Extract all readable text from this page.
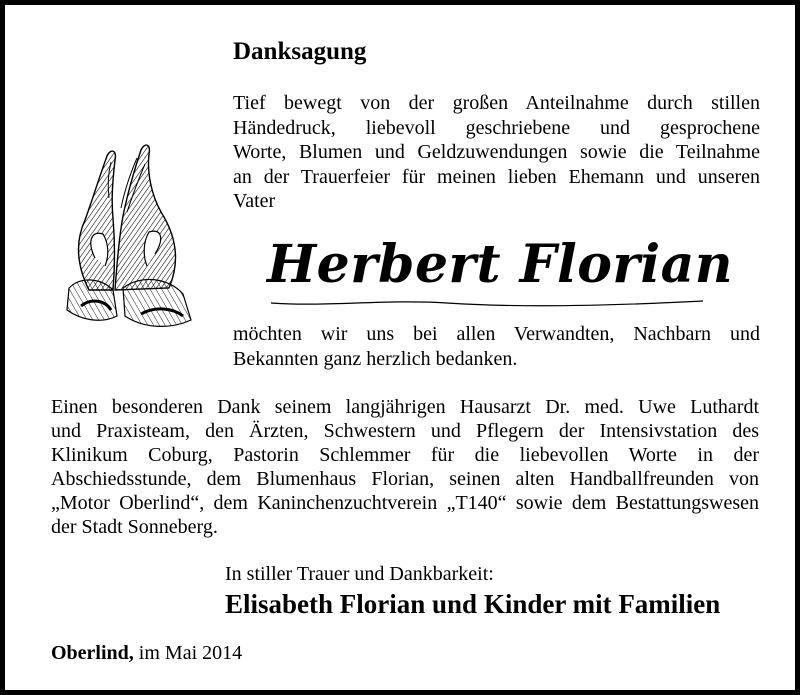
Danksagung
Tief bewegt von der großen Anteilnahme durch stillen
Händedruck, liebevoll geschriebene und gesprochene
Worte, Blumen und Geldzuwendungen sowie die Teilnahme
an der Trauerfeier für meinen lieben Ehemann und unseren
Vater
Herbert Florian
möchten wir uns bei allen Verwandten, Nachbarn und
Bekannten ganz herzlich bedanken.
Einen besonderen Dank seinem langjährigen Hausarzt Dr. med. Uwe Luthardt
und Praxisteam, den Ärzten, Schwestern und Pflegern der Intensivstation des
Klinikum Coburg, Pastorin Schlemmer für die liebevollen Worte in der
Abschiedsstunde, dem Blumenhaus Florian, seinen alten Handballfreunden von
„Motor Oberlind“, dem Kaninchenzuchtverein „T140“ sowie dem Bestattungswesen
der Stadt Sonneberg.
In stiller Trauer und Dankbarkeit:
Elisabeth Florian und Kinder mit Familien
Oberlind, im Mai 2014
